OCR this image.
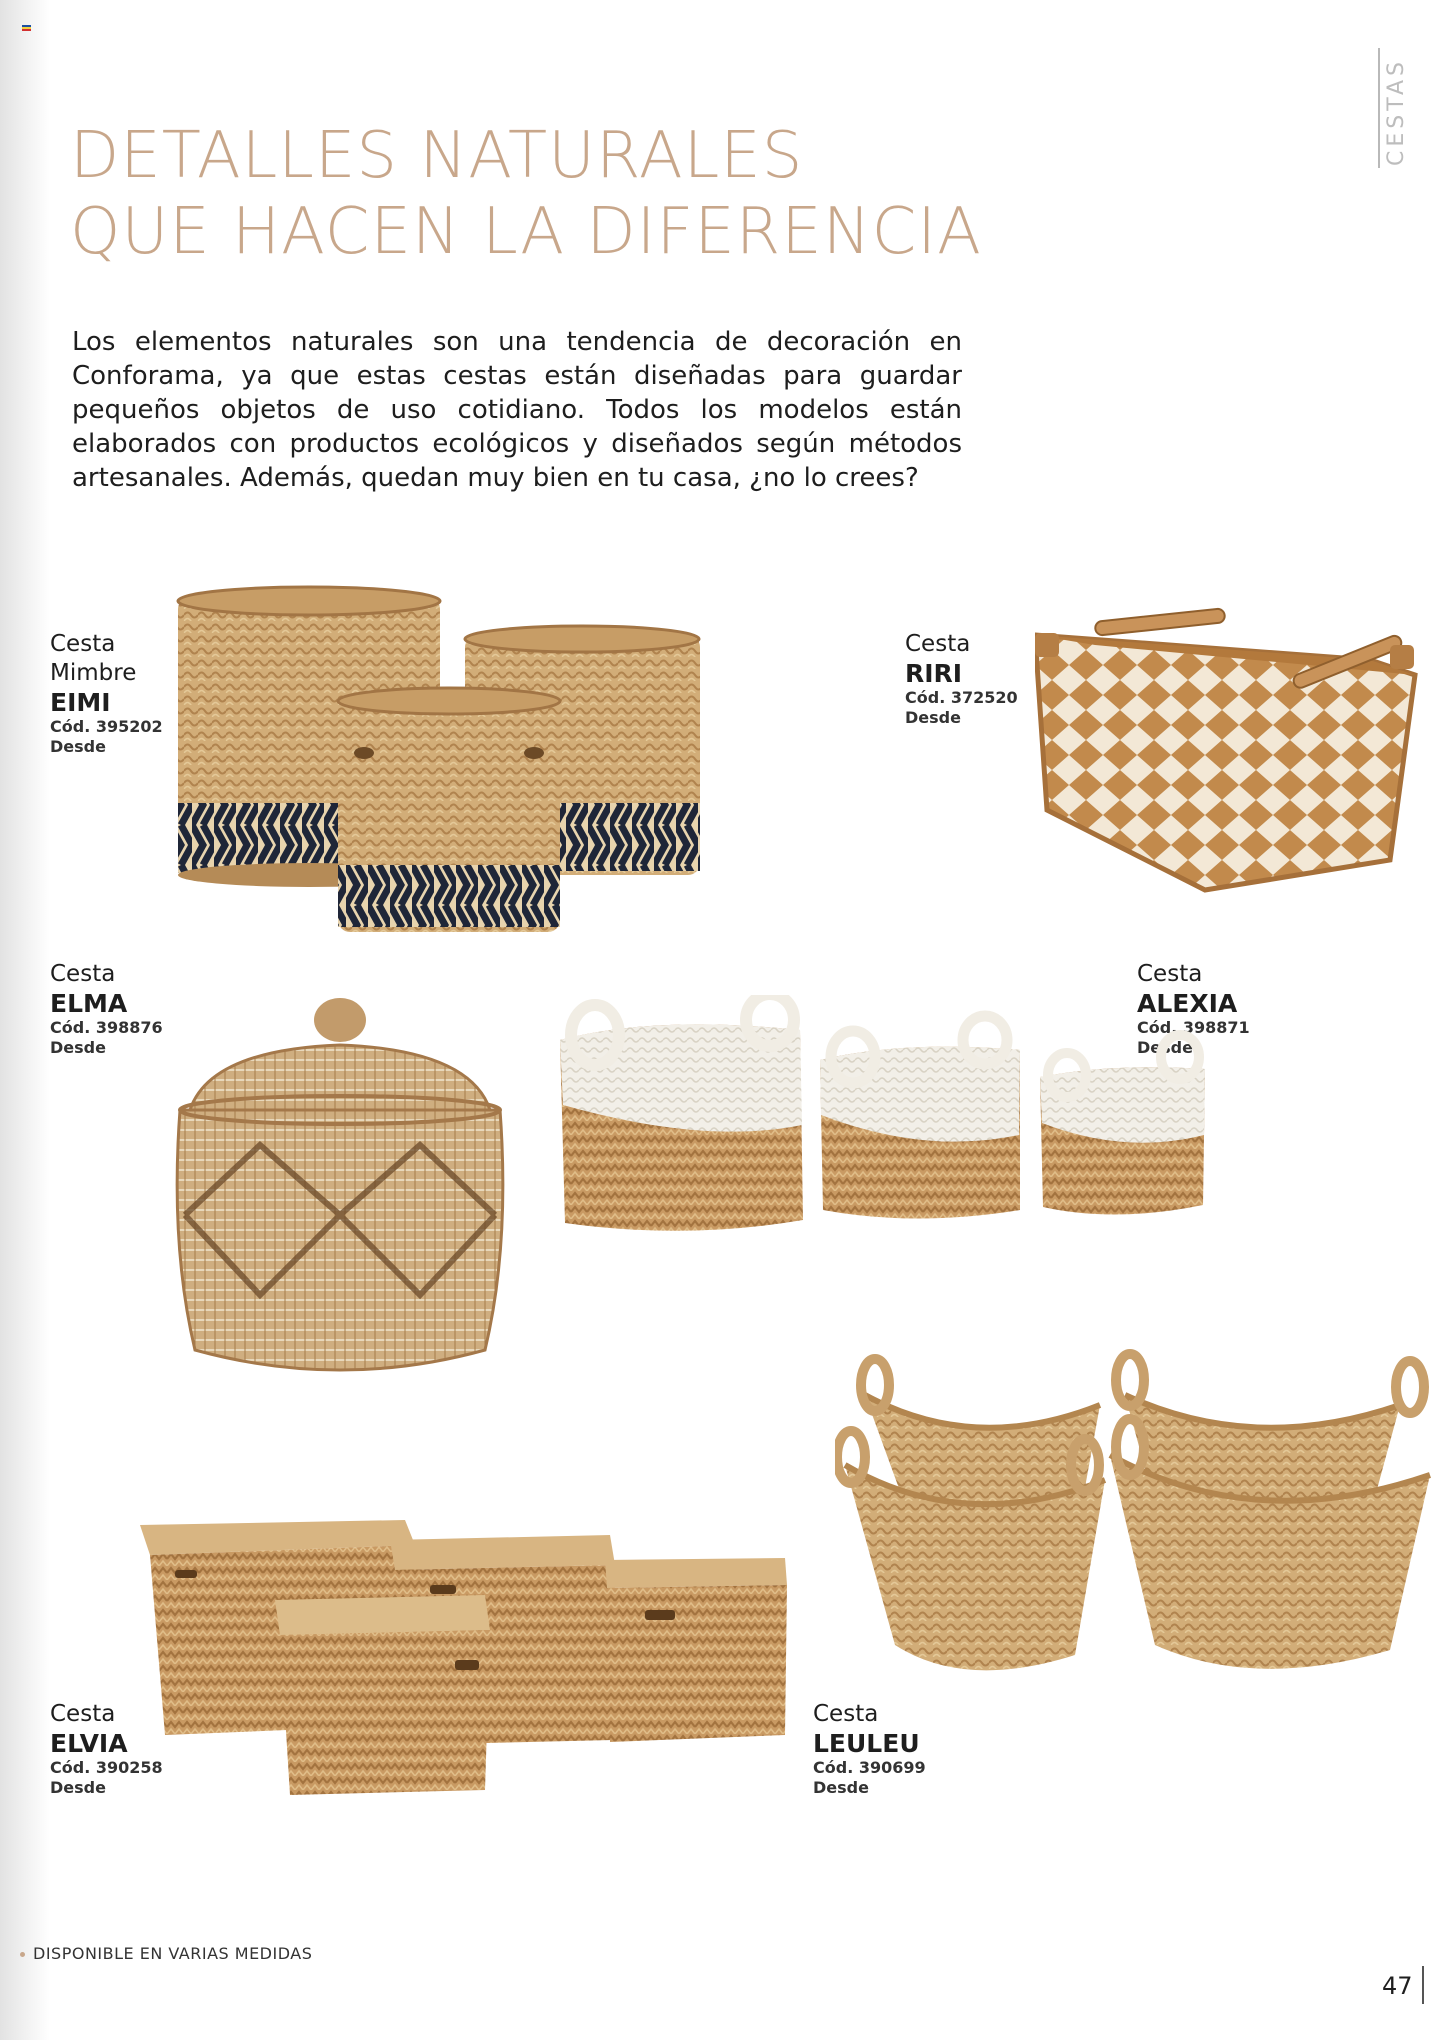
CESTAS
DETALLES NATURALES
QUE HACEN LA DIFERENCIA
Los elementos naturales son una tendencia de decoración en Conforama, ya que estas cestas están diseñadas para guardar pequeños objetos de uso cotidiano. Todos los modelos están elaborados con productos ecológicos y diseñados según métodos artesanales. Además, quedan muy bien en tu casa, ¿no lo crees?
Cesta
Mimbre
EIMI
Cód. 395202
Desde
Cesta
RIRI
Cód. 372520
Desde
Cesta
ELMA
Cód. 398876
Desde
Cesta
ALEXIA
Cód. 398871
Desde
Cesta
ELVIA
Cód. 390258
Desde
Cesta
LEULEU
Cód. 390699
Desde
DISPONIBLE EN VARIAS MEDIDAS
47
